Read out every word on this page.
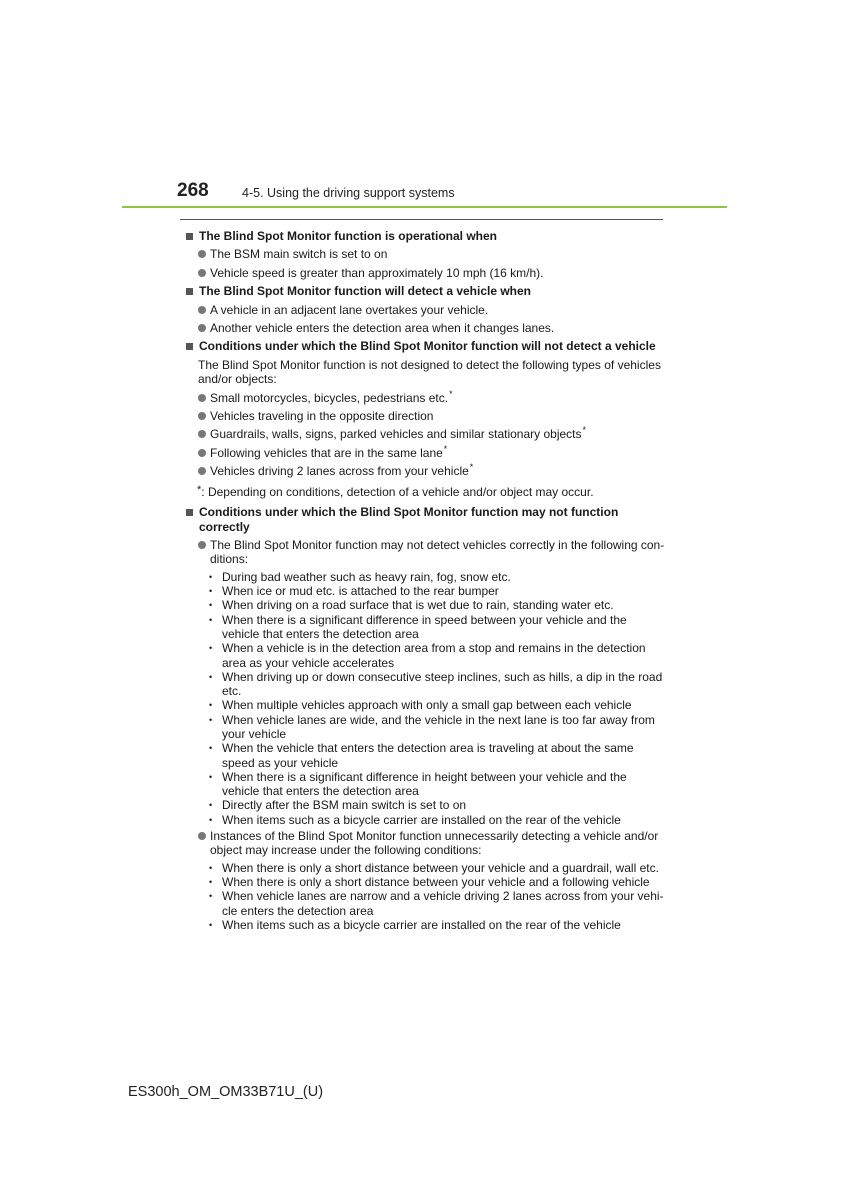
268	4-5. Using the driving support systems
The Blind Spot Monitor function is operational when
The BSM main switch is set to on
Vehicle speed is greater than approximately 10 mph (16 km/h).
The Blind Spot Monitor function will detect a vehicle when
A vehicle in an adjacent lane overtakes your vehicle.
Another vehicle enters the detection area when it changes lanes.
Conditions under which the Blind Spot Monitor function will not detect a vehicle
The Blind Spot Monitor function is not designed to detect the following types of vehicles and/or objects:
Small motorcycles, bicycles, pedestrians etc.*
Vehicles traveling in the opposite direction
Guardrails, walls, signs, parked vehicles and similar stationary objects*
Following vehicles that are in the same lane*
Vehicles driving 2 lanes across from your vehicle*
*: Depending on conditions, detection of a vehicle and/or object may occur.
Conditions under which the Blind Spot Monitor function may not function correctly
The Blind Spot Monitor function may not detect vehicles correctly in the following con-ditions:
• During bad weather such as heavy rain, fog, snow etc.
• When ice or mud etc. is attached to the rear bumper
• When driving on a road surface that is wet due to rain, standing water etc.
• When there is a significant difference in speed between your vehicle and the vehicle that enters the detection area
• When a vehicle is in the detection area from a stop and remains in the detection area as your vehicle accelerates
• When driving up or down consecutive steep inclines, such as hills, a dip in the road etc.
• When multiple vehicles approach with only a small gap between each vehicle
• When vehicle lanes are wide, and the vehicle in the next lane is too far away from your vehicle
• When the vehicle that enters the detection area is traveling at about the same speed as your vehicle
• When there is a significant difference in height between your vehicle and the vehicle that enters the detection area
• Directly after the BSM main switch is set to on
• When items such as a bicycle carrier are installed on the rear of the vehicle
Instances of the Blind Spot Monitor function unnecessarily detecting a vehicle and/or object may increase under the following conditions:
• When there is only a short distance between your vehicle and a guardrail, wall etc.
• When there is only a short distance between your vehicle and a following vehicle
• When vehicle lanes are narrow and a vehicle driving 2 lanes across from your vehi-cle enters the detection area
• When items such as a bicycle carrier are installed on the rear of the vehicle
ES300h_OM_OM33B71U_(U)
